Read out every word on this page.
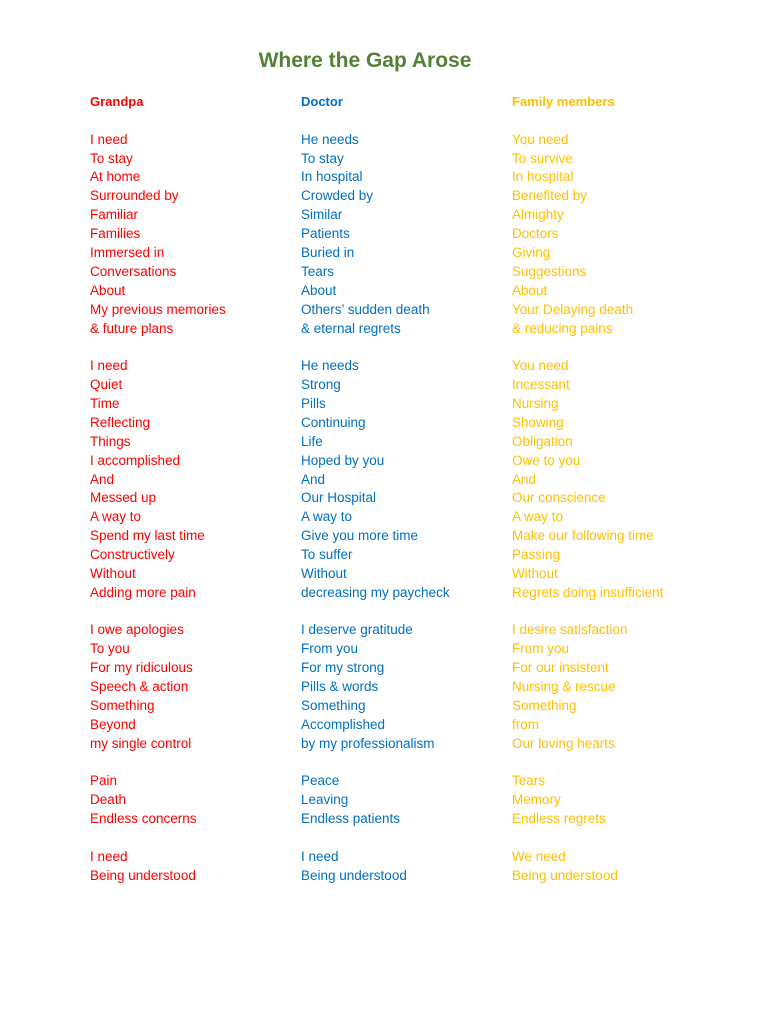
Where the Gap Arose
Grandpa
I need
To stay
At home
Surrounded by
Familiar
Families
Immersed in
Conversations
About
My previous memories
& future plans
I need
Quiet
Time
Reflecting
Things
I accomplished
And
Messed up
A way to
Spend my last time
Constructively
Without
Adding more pain
I owe apologies
To you
For my ridiculous
Speech & action
Something
Beyond
my single control
Pain
Death
Endless concerns
I need
Being understood
Doctor
He needs
To stay
In hospital
Crowded by
Similar
Patients
Buried in
Tears
About
Others’ sudden death
& eternal regrets
He needs
Strong
Pills
Continuing
Life
Hoped by you
And
Our Hospital
A way to
Give you more time
To suffer
Without
decreasing my paycheck
I deserve gratitude
From you
For my strong
Pills & words
Something
Accomplished
by my professionalism
Peace
Leaving
Endless patients
I need
Being understood
Family members
You need
To survive
In hospital
Benefited by
Almighty
Doctors
Giving
Suggestions
About
Your Delaying death
& reducing pains
You need
Incessant
Nursing
Showing
Obligation
Owe to you
And
Our conscience
A way to
Make our following time
Passing
Without
Regrets doing insufficient
I desire satisfaction
From you
For our insistent
Nursing & rescue
Something
from
Our loving hearts
Tears
Memory
Endless regrets
We need
Being understood
